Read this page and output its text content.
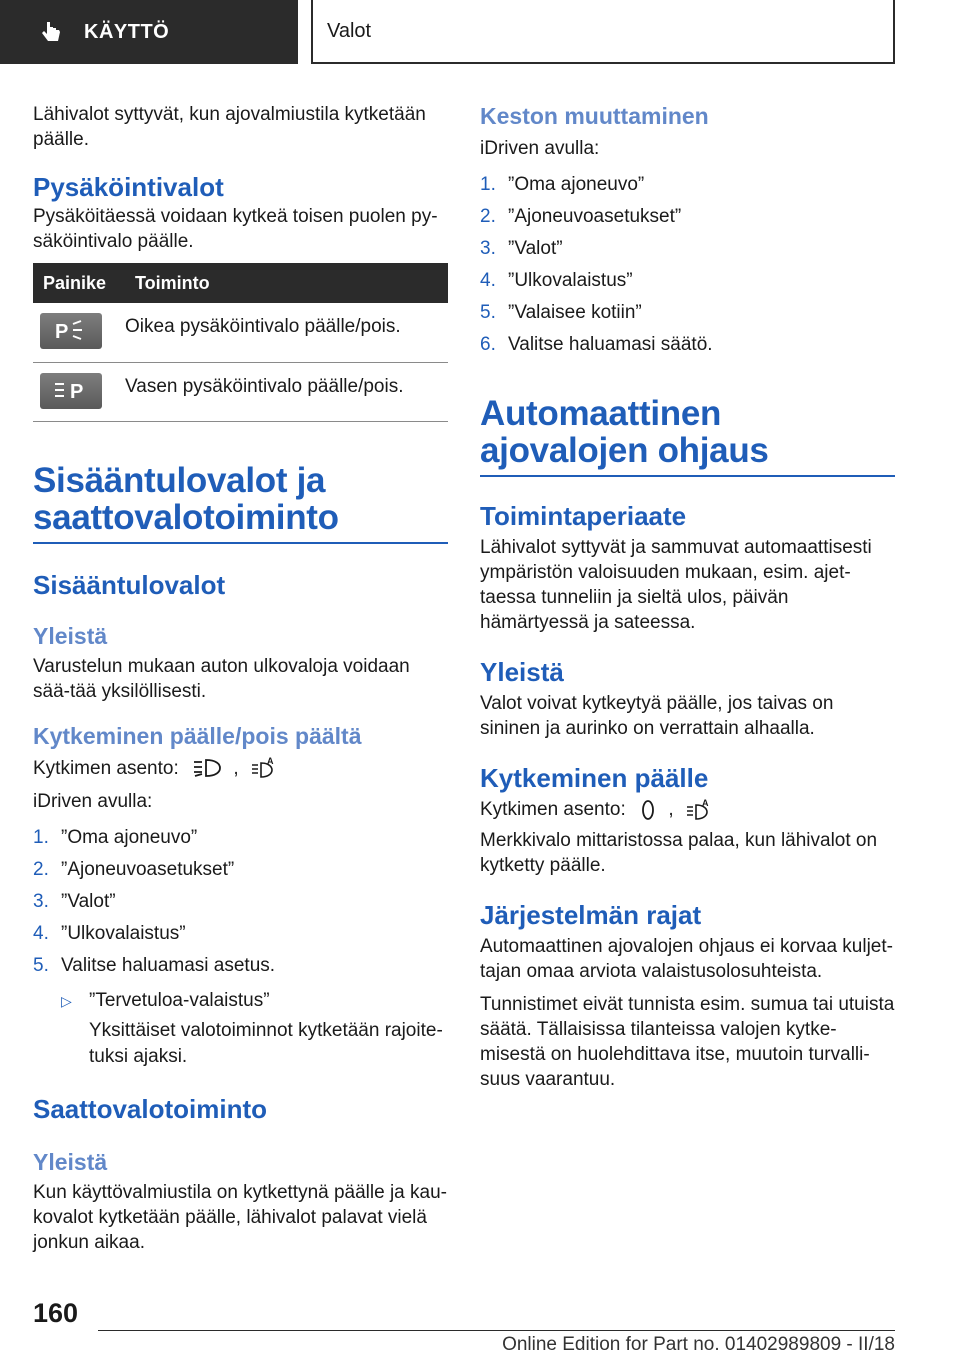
KÄYTTÖ	Valot

Lähivalot syttyvät, kun ajovalmiustila kytketään päälle.

Pysäköintivalot

Pysäköitäessä voidaan kytkeä toisen puolen py-säköintivalo päälle.

Painike	Toiminto

P	Oikea pysäköintivalo päälle/pois.

P	Vasen pysäköintivalo päälle/pois.
Sisääntulovalot ja saattovalotoiminto
Sisääntulovalot
Yleistä

Varustelun mukaan auton ulkovaloja voidaan sää-tää yksilöllisesti.

Kytkeminen päälle/pois päältä

Kytkimen asento:	,	A

iDriven avulla:

1. ”Oma ajoneuvo”
2. ”Ajoneuvoasetukset”
3. ”Valot”
4. ”Ulkovalaistus”
5. Valitse haluamasi asetus.
▷ ”Tervetuloa-valaistus”
Yksittäiset valotoiminnot kytketään rajoite-tuksi ajaksi.
Saattovalotoiminto
Yleistä

Kun käyttövalmiustila on kytkettynä päälle ja kau-kovalot kytketään päälle, lähivalot palavat vielä jonkun aikaa.

Keston muuttaminen

iDriven avulla:

1. ”Oma ajoneuvo”
2. ”Ajoneuvoasetukset”
3. ”Valot”
4. ”Ulkovalaistus”
5. ”Valaisee kotiin”
6. Valitse haluamasi säätö.
Automaattinen ajovalojen ohjaus
Toimintaperiaate

Lähivalot syttyvät ja sammuvat automaattisesti ympäristön valoisuuden mukaan, esim. ajet-taessa tunneliin ja sieltä ulos, päivän hämärtyessä ja sateessa.

Yleistä

Valot voivat kytkeytyä päälle, jos taivas on sininen ja aurinko on verrattain alhaalla.

Kytkeminen päälle

Kytkimen asento: ,	A

Merkkivalo mittaristossa palaa, kun lähivalot on kytketty päälle.

Järjestelmän rajat

Automaattinen ajovalojen ohjaus ei korvaa kuljet-tajan omaa arviota valaistusolosuhteista.

Tunnistimet eivät tunnista esim. sumua tai utuista säätä. Tällaisissa tilanteissa valojen kytke-misestä on huolehdittava itse, muutoin turvalli-suus vaarantuu.

160
Online Edition for Part no. 01402989809 - II/18
